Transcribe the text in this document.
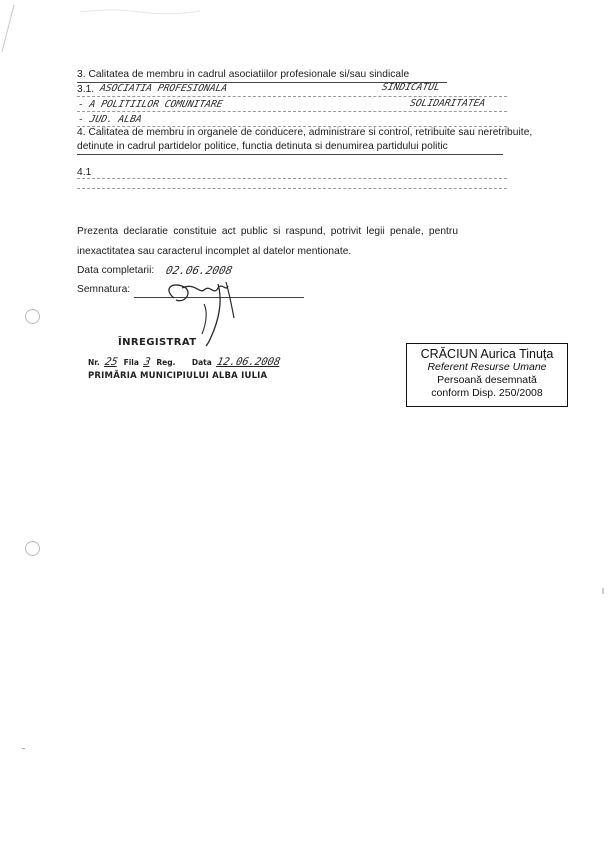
3. Calitatea de membru in cadrul asociatiilor profesionale si/sau sindicale
3.1. ASOCIATIA PROFESIONALA	SINDICATUL
- A POLITIILOR COMUNITARE	SOLIDARITATEA
- JUD. ALBA
4. Calitatea de membru in organele de conducere, administrare si control, retribuite sau neretribuite,
detinute in cadrul partidelor politice, functia detinuta si denumirea partidului politic
4.1
Prezenta declaratie constituie act public si raspund, potrivit legii penale, pentru
inexactitatea sau caracterul incomplet al datelor mentionate.
Data completarii: 02.06.2008
Semnatura:
ÎNREGISTRAT
Nr. 25 Fila 3 Reg. Data 12.06.2008
PRIMĂRIA MUNICIPIULUI ALBA IULIA
CRĂCIUN Aurica Tinuța
Referent Resurse Umane
Persoană desemnată
conform Disp. 250/2008
